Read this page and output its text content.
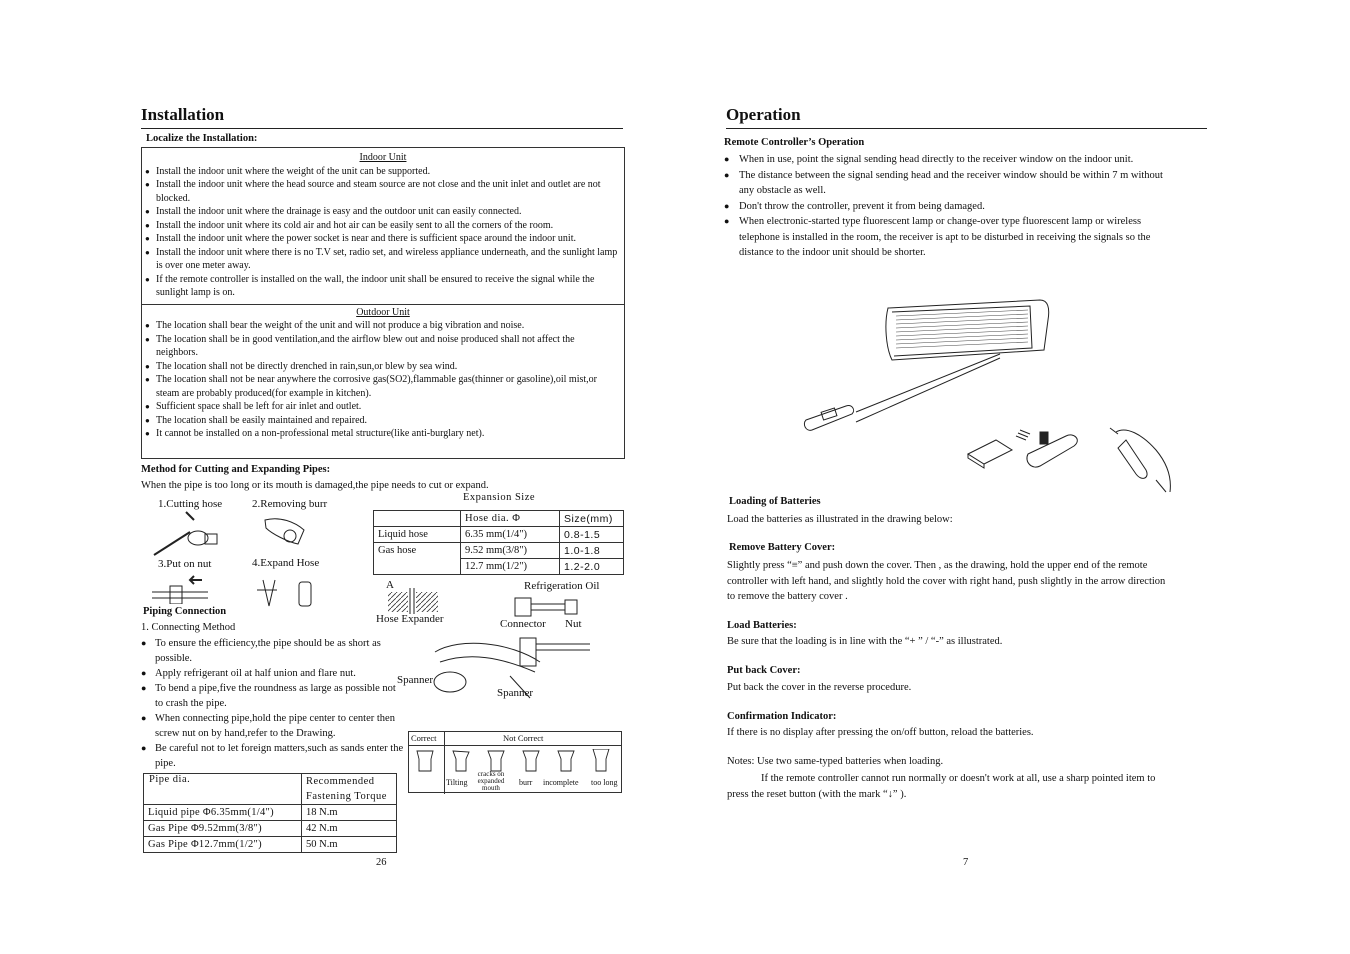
Installation
Localize the Installation:
Indoor Unit
● Install the indoor unit where the weight of the unit can be supported.
● Install the indoor unit where the head source and steam source are not close and the unit inlet and outlet are not blocked.
● Install the indoor unit where the drainage is easy and the outdoor unit can easily connected.
● Install the indoor unit where its cold air and hot air can be easily sent to all the corners of the room.
● Install the indoor unit where the power socket is near and there is sufficient space around the indoor unit.
● Install the indoor unit where there is no T.V set, radio set, and wireless appliance underneath, and the sunlight lamp is over one meter away.
● If the remote controller is installed on the wall, the indoor unit shall be ensured to receive the signal while the sunlight lamp is on.
Outdoor Unit
● The location shall bear the weight of the unit and will not produce a big vibration and noise.
● The location shall be in good ventilation,and the airflow blew out and noise produced shall not affect the neighbors.
● The location shall not be directly drenched in rain,sun,or blew by sea wind.
● The location shall not be near anywhere the corrosive gas(SO2),flammable gas(thinner or gasoline),oil mist,or steam are probably produced(for example in kitchen).
● Sufficient space shall be left for air inlet and outlet.
● The location shall be easily maintained and repaired.
● It cannot be installed on a non-professional metal structure(like anti-burglary net).
Method for Cutting and Expanding Pipes:
When the pipe is too long or its mouth is damaged,the pipe needs to cut or expand.
1.Cutting hose	2.Removing burr
3.Put on nut	4.Expand Hose
Expansion Size
	Hose dia. Φ	Size(mm)
Liquid hose	6.35 mm(1/4")	0.8-1.5
Gas hose	9.52 mm(3/8")	1.0-1.8
	12.7 mm(1/2")	1.2-2.0
A
Hose Expander
Refrigeration Oil
Connector Nut
Spanner
Spanner
Piping Connection
1. Connecting Method
● To ensure the efficiency,the pipe should be as short as possible.
● Apply refrigerant oil at half union and flare nut.
● To bend a pipe,five the roundness as large as possible not to crash the pipe.
● When connecting pipe,hold the pipe center to center then screw nut on by hand,refer to the Drawing.
● Be careful not to let foreign matters,such as sands enter the pipe.
Pipe dia.	Recommended Fastening Torque
Liquid pipe Φ6.35mm(1/4")	18 N.m
Gas Pipe Φ9.52mm(3/8")	42 N.m
Gas Pipe Φ12.7mm(1/2")	50 N.m
Correct	Not Correct
Tilting
cracks on expanded mouth
burr incomplete too long
26
Operation
Remote Controller’s Operation
● When in use, point the signal sending head directly to the receiver window on the indoor unit.
● The distance between the signal sending head and the receiver window should be within 7 m without any obstacle as well.
● Don't throw the controller, prevent it from being damaged.
● When electronic-started type fluorescent lamp or change-over type fluorescent lamp or wireless telephone is installed in the room, the receiver is apt to be disturbed in receiving the signals so the distance to the indoor unit should be shorter.
Loading of Batteries
Load the batteries as illustrated in the drawing below:
Remove Battery Cover:
Slightly press “≡” and push down the cover. Then , as the drawing, hold the upper end of the remote controller with left hand, and slightly hold the cover with right hand, push slightly in the arrow direction to remove the battery cover .
Load Batteries:
Be sure that the loading is in line with the “+ ” / “-” as illustrated.
Put back Cover:
Put back the cover in the reverse procedure.
Confirmation Indicator:
If there is no display after pressing the on/off button, reload the batteries.
Notes: Use two same-typed batteries when loading.
If the remote controller cannot run normally or doesn't work at all, use a sharp pointed item to press the reset button (with the mark “↓” ).
7
